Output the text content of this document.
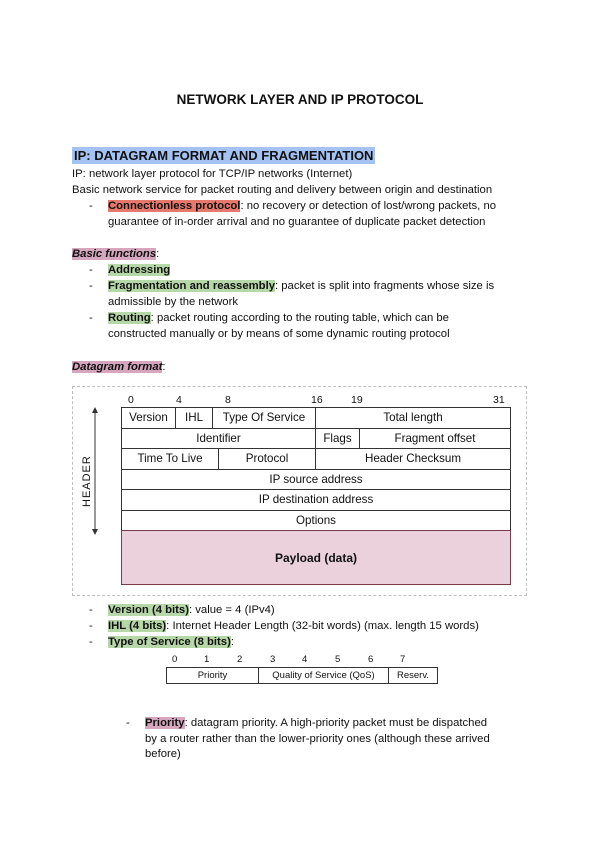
NETWORK LAYER AND IP PROTOCOL
IP: DATAGRAM FORMAT AND FRAGMENTATION
IP: network layer protocol for TCP/IP networks (Internet)
Basic network service for packet routing and delivery between origin and destination
- Connectionless protocol: no recovery or detection of lost/wrong packets, no
guarantee of in-order arrival and no guarantee of duplicate packet detection
Basic functions:
- Addressing
- Fragmentation and reassembly: packet is split into fragments whose size is
admissible by the network
- Routing: packet routing according to the routing table, which can be
constructed manually or by means of some dynamic routing protocol
Datagram format:
0	4	8	16	19	31
HEADER
Version	IHL	Type Of Service	Total length
Identifier	Flags	Fragment offset
Time To Live	Protocol	Header Checksum
IP source address
IP destination address
Options
Payload (data)
- Version (4 bits): value = 4 (IPv4)
- IHL (4 bits): Internet Header Length (32-bit words) (max. length 15 words)
- Type of Service (8 bits):
0	1	2	3	4	5	6	7
Priority	Quality of Service (QoS)	Reserv.
- Priority: datagram priority. A high-priority packet must be dispatched
by a router rather than the lower-priority ones (although these arrived
before)
